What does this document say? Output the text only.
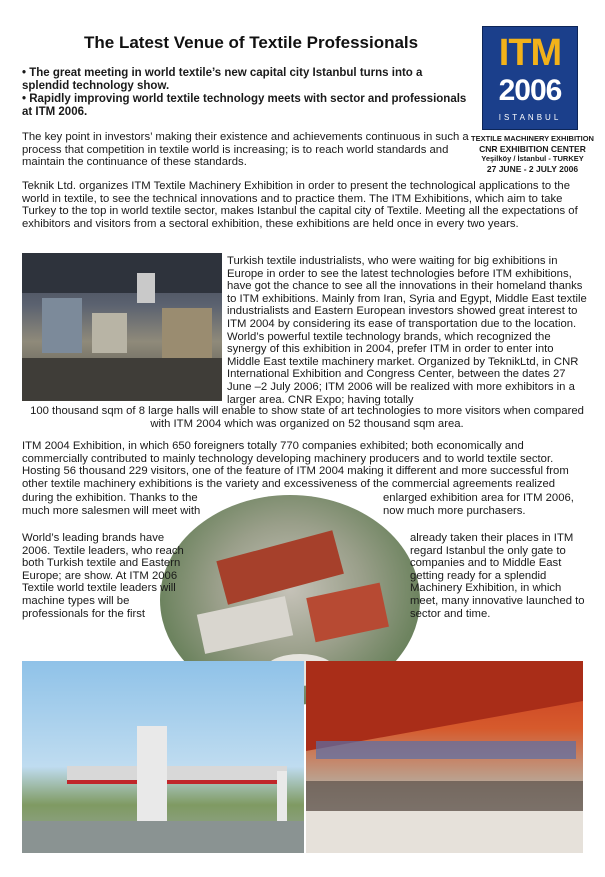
The Latest Venue of Textile Professionals
• The great meeting in world textile’s new capital city Istanbul turns into a splendid technology show.
• Rapidly improving world textile technology meets with sector and professionals at ITM 2006.
ITM
2006
ISTANBUL
TEXTILE MACHINERY EXHIBITION
CNR EXHIBITION CENTER
Yeşilköy / İstanbul - TURKEY
27 JUNE - 2 JULY 2006
The key point in investors’ making their existence and achievements continuous in such a process that competition in textile world is increasing; is to reach world standards and maintain the continuance of these standards.
Teknik Ltd. organizes ITM Textile Machinery Exhibition in order to present the technological applications to the world in textile, to see the technical innovations and to practice them. The ITM Exhibitions, which aim to take Turkey to the top in world textile sector, makes Istanbul the capital city of Textile. Meeting all the expectations of exhibitors and visitors from a sectoral exhibition, these exhibitions are held once in every two years.
Turkish textile industrialists, who were waiting for big exhibitions in Europe in order to see the latest technologies before ITM exhibitions, have got the chance to see all the innovations in their homeland thanks to ITM exhibitions. Mainly from Iran, Syria and Egypt, Middle East textile industrialists and Eastern European investors showed great interest to ITM 2004 by considering its ease of transportation due to the location. World’s powerful textile technology brands, which recognized the synergy of this exhibition in 2004, prefer ITM in order to enter into Middle East textile machinery market. Organized by TeknikLtd, in CNR International Exhibition and Congress Center, between the dates 27 June –2 July 2006; ITM 2006 will be realized with more exhibitors in a larger area. CNR Expo; having totally
100 thousand sqm of 8 large halls will enable to show state of art technologies to more visitors when compared with ITM 2004 which was organized on 52 thousand sqm area.
ITM 2004 Exhibition, in which 650 foreigners totally 770 companies exhibited; both economically and commercially contributed to mainly technology developing machinery producers and to world textile sector. Hosting 56 thousand 229 visitors, one of the feature of ITM 2004 making it different and more successful from other textile machinery exhibitions is the variety and excessiveness of the commercial agreements realized
during the exhibition. Thanks to the much more salesmen will meet with
enlarged exhibition area for ITM 2006, now much more purchasers.
World’s leading brands have 2006. Textile leaders, who reach both Turkish textile and Eastern Europe; are show. At ITM 2006 Textile world textile leaders will machine types will be professionals for the first
already taken their places in ITM regard Istanbul the only gate to companies and to Middle East getting ready for a splendid Machinery Exhibition, in which meet, many innovative launched to sector and time.
